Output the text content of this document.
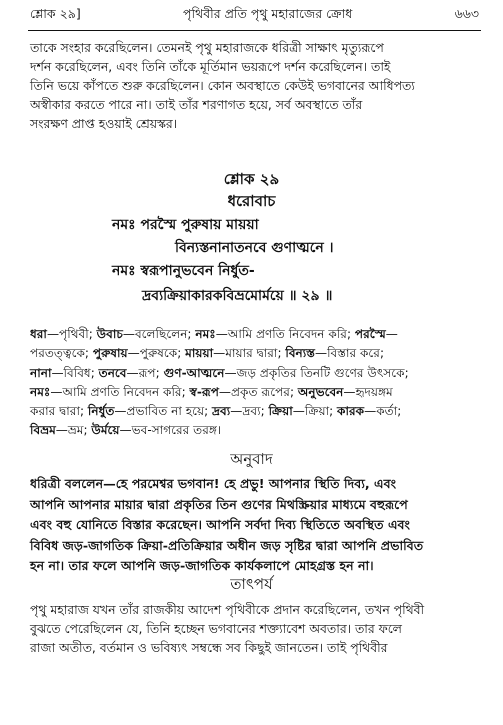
শ্লোক ২৯]	পৃথিবীর প্রতি পৃথু মহারাজের ক্রোধ	৬৬৩
তাকে সংহার করেছিলেন। তেমনই পৃথু মহারাজকে ধরিত্রী সাক্ষাৎ মৃত্যুরূপে
দর্শন করেছিলেন, এবং তিনি তাঁকে মূর্তিমান ভয়রূপে দর্শন করেছিলেন। তাই
তিনি ভয়ে কাঁপতে শুরু করেছিলেন। কোন অবস্থাতে কেউই ভগবানের আধিপত্য
অস্বীকার করতে পারে না। তাই তাঁর শরণাগত হয়ে, সর্ব অবস্থাতে তাঁর
সংরক্ষণ প্রাপ্ত হওয়াই শ্রেয়স্কর।
শ্লোক ২৯
ধরোবাচ
নমঃ পরস্মৈ পুরুষায় মায়য়া
বিন্যস্তনানাতনবে গুণাত্মনে ।
নমঃ স্বরূপানুভবেন নির্ধুত-
দ্রব্যক্রিয়াকারকবিভ্রমোর্ময়ে ॥ ২৯ ॥
ধরা—পৃথিবী; উবাচ—বলেছিলেন; নমঃ—আমি প্রণতি নিবেদন করি; পরস্মৈ—
পরতত্ত্বকে; পুরুষায়—পুরুষকে; মায়য়া—মায়ার দ্বারা; বিন্যস্ত—বিস্তার করে;
নানা—বিবিধ; তনবে—রূপ; গুণ-আত্মনে—জড় প্রকৃতির তিনটি গুণের উৎসকে;
নমঃ—আমি প্রণতি নিবেদন করি; স্ব-রূপ—প্রকৃত রূপের; অনুভবেন—হৃদয়ঙ্গম
করার দ্বারা; নির্ধুত—প্রভাবিত না হয়ে; দ্রব্য—দ্রব্য; ক্রিয়া—ক্রিয়া; কারক—কর্তা;
বিভ্রম—ভ্রম; উর্ময়ে—ভব-সাগরের তরঙ্গ।
অনুবাদ
ধরিত্রী বললেন—হে পরমেশ্বর ভগবান! হে প্রভু! আপনার স্থিতি দিব্য, এবং
আপনি আপনার মায়ার দ্বারা প্রকৃতির তিন গুণের মিথস্ক্রিয়ার মাধ্যমে বহুরূপে
এবং বহু যোনিতে বিস্তার করেছেন। আপনি সর্বদা দিব্য স্থিতিতে অবস্থিত এবং
বিবিধ জড়-জাগতিক ক্রিয়া-প্রতিক্রিয়ার অধীন জড় সৃষ্টির দ্বারা আপনি প্রভাবিত
হন না। তার ফলে আপনি জড়-জাগতিক কার্যকলাপে মোহগ্রস্ত হন না।
তাৎপর্য
পৃথু মহারাজ যখন তাঁর রাজকীয় আদেশ পৃথিবীকে প্রদান করেছিলেন, তখন পৃথিবী
বুঝতে পেরেছিলেন যে, তিনি হচ্ছেন ভগবানের শক্ত্যাবেশ অবতার। তার ফলে
রাজা অতীত, বর্তমান ও ভবিষ্যৎ সম্বন্ধে সব কিছুই জানতেন। তাই পৃথিবীর
